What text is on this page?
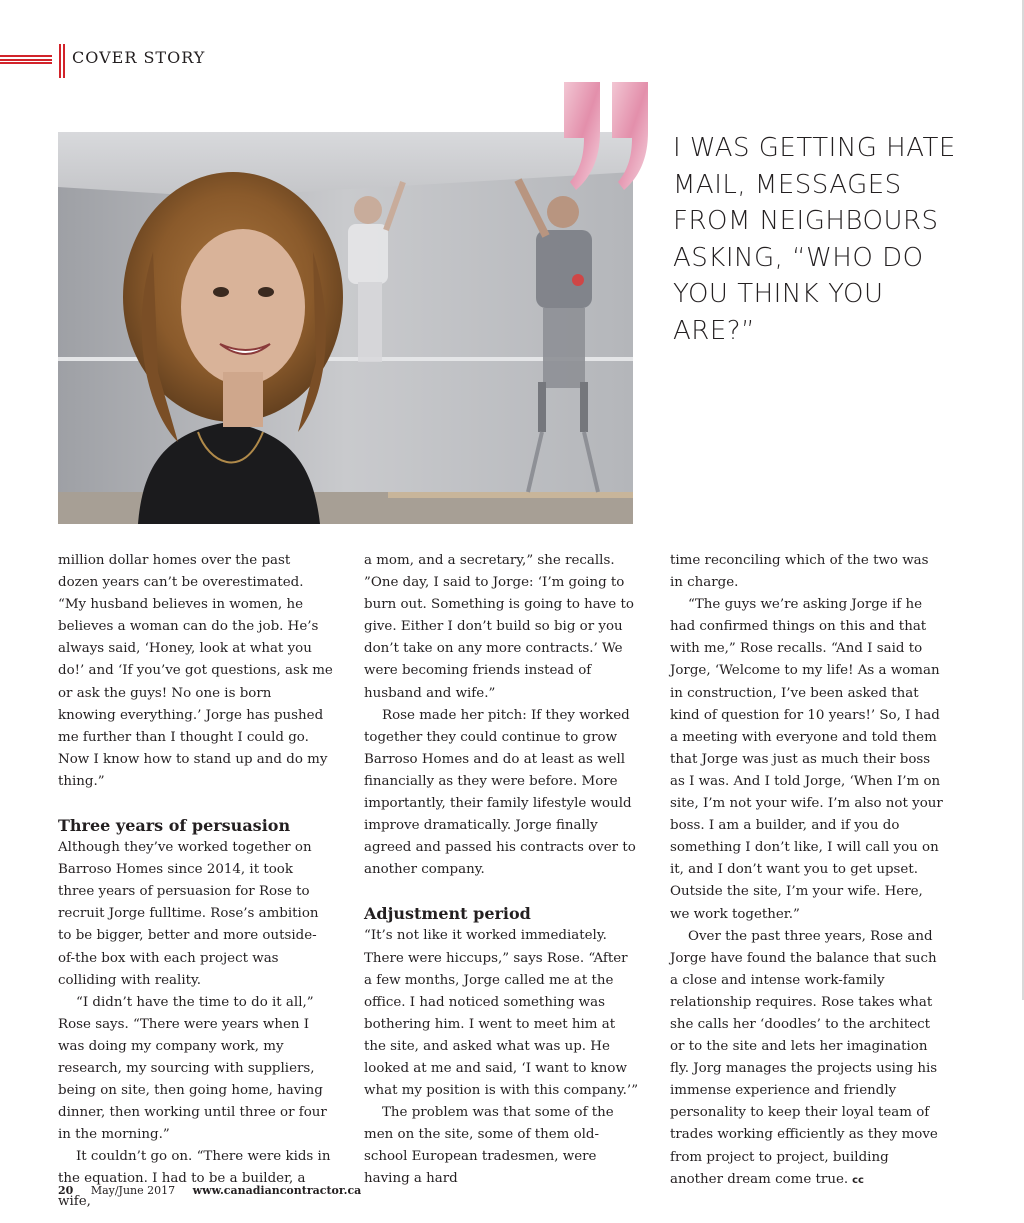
COVER STORY
I WAS GETTING HATE MAIL, MESSAGES FROM NEIGHBOURS ASKING, “WHO DO YOU THINK YOU ARE?”

million dollar homes over the past dozen years can’t be overestimated. “My husband believes in women, he believes a woman can do the job. He’s always said, ‘Honey, look at what you do!’ and ‘If you’ve got questions, ask me or ask the guys! No one is born knowing everything.’ Jorge has pushed me further than I thought I could go. Now I know how to stand up and do my thing.”

Three years of persuasion

Although they’ve worked together on Barroso Homes since 2014, it took three years of persuasion for Rose to recruit Jorge fulltime. Rose’s ambition to be bigger, better and more outside-of-the box with each project was colliding with reality.

“I didn’t have the time to do it all,” Rose says. “There were years when I was doing my company work, my research, my sourcing with suppliers, being on site, then going home, having dinner, then working until three or four in the morning.”

It couldn’t go on. “There were kids in the equation. I had to be a builder, a wife,

a mom, and a secretary,” she recalls. ”One day, I said to Jorge: ‘I’m going to burn out. Something is going to have to give. Either I don’t build so big or you don’t take on any more contracts.’ We were becoming friends instead of husband and wife.”

Rose made her pitch: If they worked together they could continue to grow Barroso Homes and do at least as well financially as they were before. More importantly, their family lifestyle would improve dramatically. Jorge finally agreed and passed his contracts over to another company.

Adjustment period

“It’s not like it worked immediately. There were hiccups,” says Rose. “After a few months, Jorge called me at the office. I had noticed something was bothering him. I went to meet him at the site, and asked what was up. He looked at me and said, ‘I want to know what my position is with this company.’”

The problem was that some of the men on the site, some of them old-school European tradesmen, were having a hard

time reconciling which of the two was in charge.

“The guys we’re asking Jorge if he had confirmed things on this and that with me,” Rose recalls. “And I said to Jorge, ‘Welcome to my life! As a woman in construction, I’ve been asked that kind of question for 10 years!’ So, I had a meeting with everyone and told them that Jorge was just as much their boss as I was. And I told Jorge, ‘When I’m on site, I’m not your wife. I’m also not your boss. I am a builder, and if you do something I don’t like, I will call you on it, and I don’t want you to get upset. Outside the site, I’m your wife. Here, we work together.”

Over the past three years, Rose and Jorge have found the balance that such a close and intense work-family relationship requires. Rose takes what she calls her ‘doodles’ to the architect or to the site and lets her imagination fly. Jorg manages the projects using his immense experience and friendly personality to keep their loyal team of trades working efficiently as they move from project to project, building another dream come true. cc

20 May/June 2017 www.canadiancontractor.ca
